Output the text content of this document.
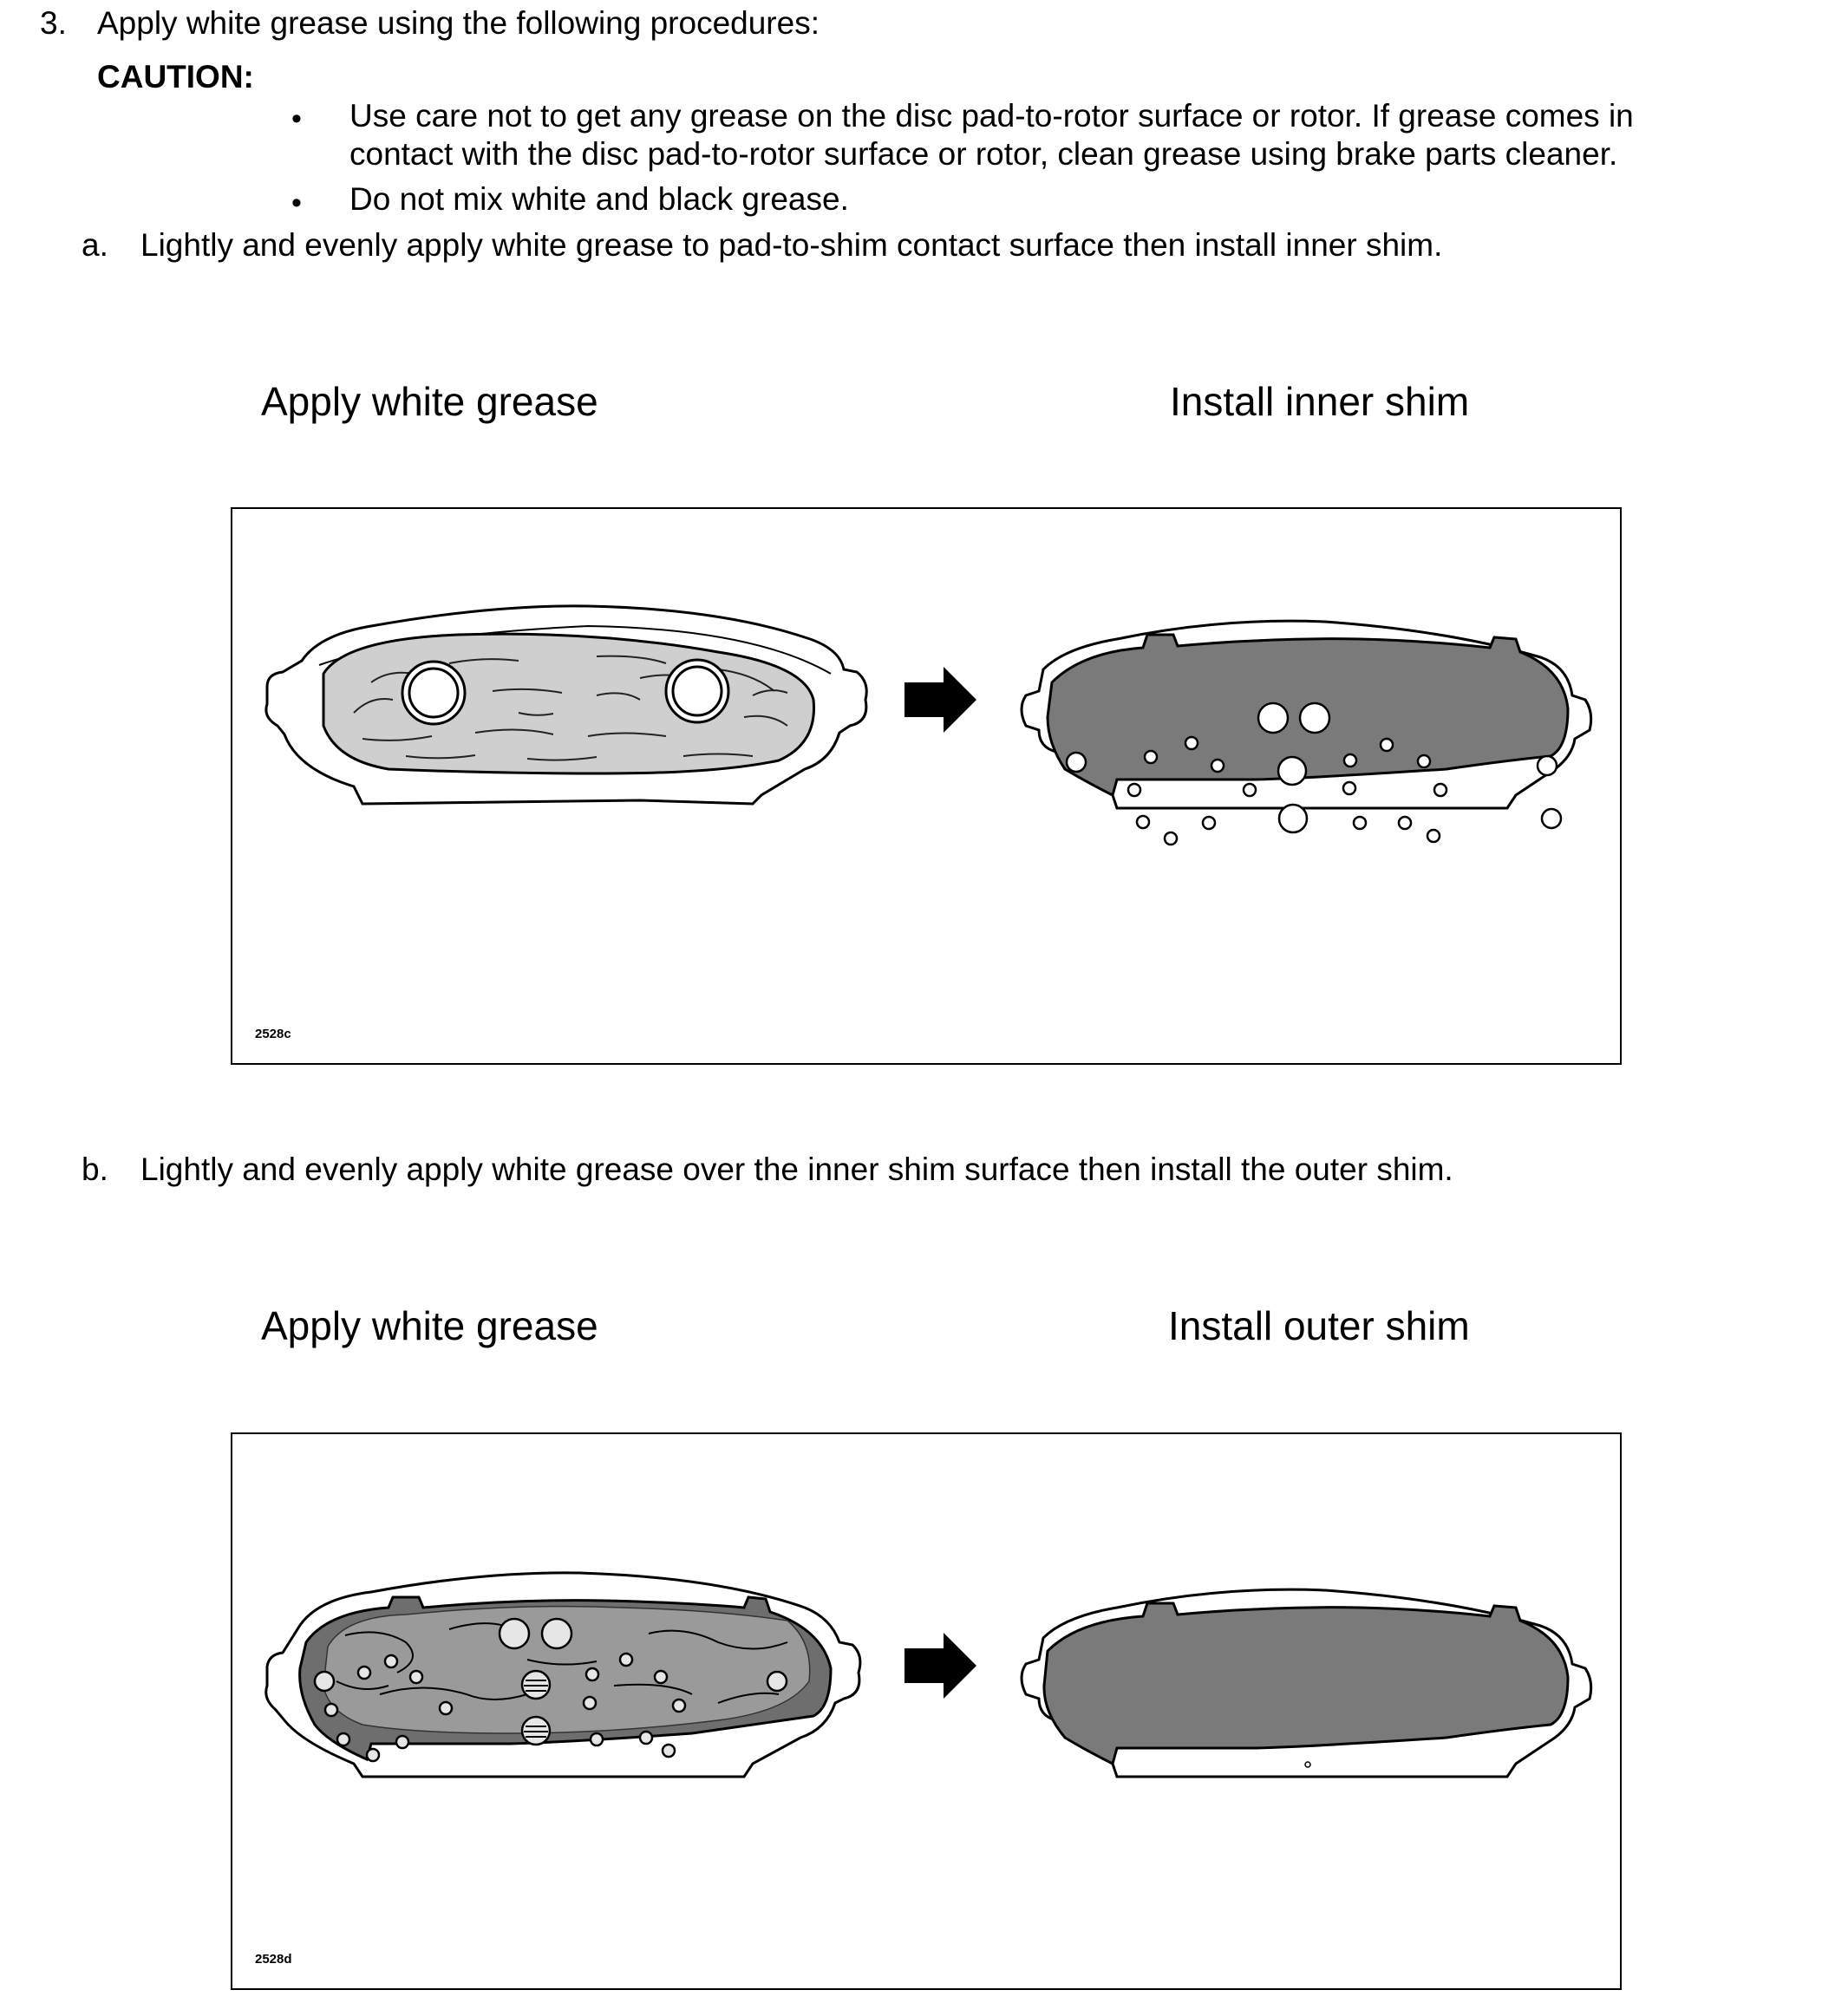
3. Apply white grease using the following procedures:
CAUTION:
• Use care not to get any grease on the disc pad-to-rotor surface or rotor. If grease comes in
contact with the disc pad-to-rotor surface or rotor, clean grease using brake parts cleaner.
• Do not mix white and black grease.
a. Lightly and evenly apply white grease to pad-to-shim contact surface then install inner shim.
Apply white grease	Install inner shim
2528c
b. Lightly and evenly apply white grease over the inner shim surface then install the outer shim.
Apply white grease	Install outer shim
2528d
